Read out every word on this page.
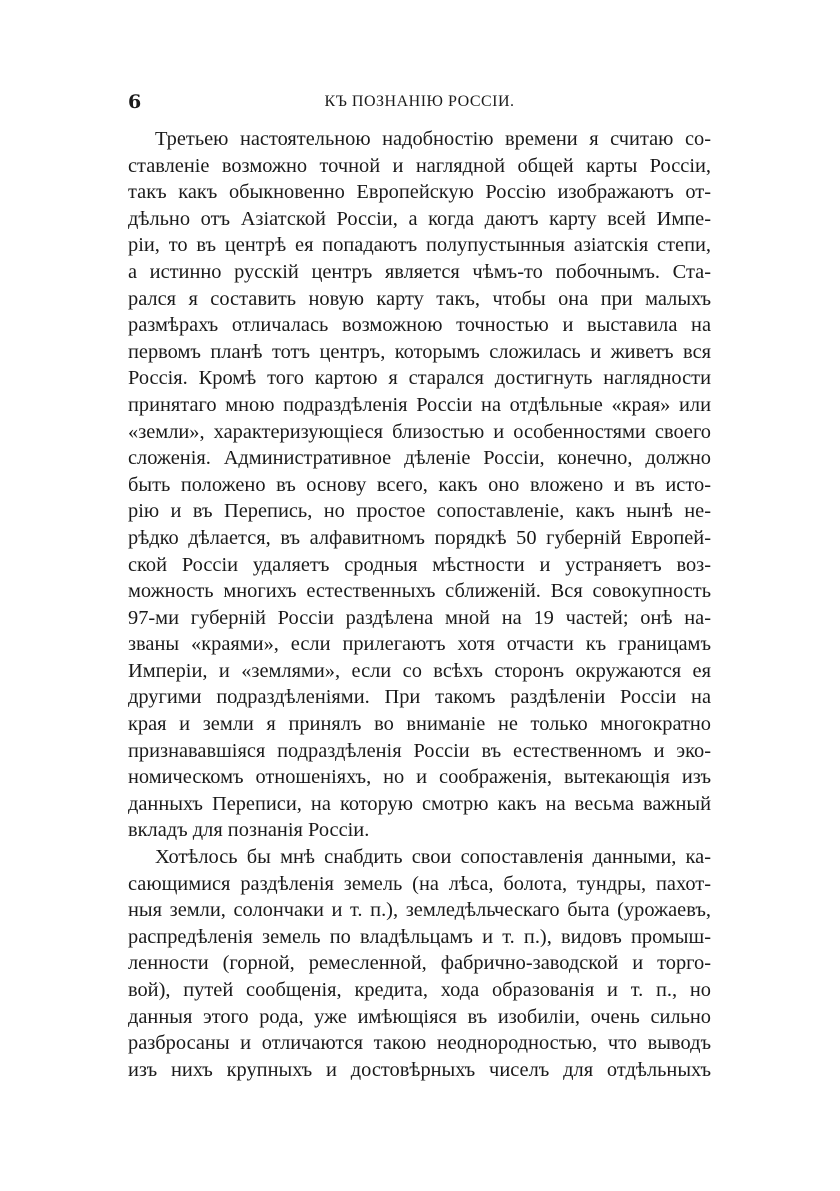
6	КЪ ПОЗНАНІЮ РОССІИ.
Третьею настоятельною надобностію времени я считаю со-
ставленіе возможно точной и наглядной общей карты Россіи,
такъ какъ обыкновенно Европейскую Россію изображаютъ от-
дѣльно отъ Азіатской Россіи, а когда даютъ карту всей Импе-
ріи, то въ центрѣ ея попадаютъ полупустынныя азіатскія степи,
а истинно русскій центръ является чѣмъ-то побочнымъ. Ста-
рался я составить новую карту такъ, чтобы она при малыхъ
размѣрахъ отличалась возможною точностью и выставила на
первомъ планѣ тотъ центръ, которымъ сложилась и живетъ вся
Россія. Кромѣ того картою я старался достигнуть наглядности
принятаго мною подраздѣленія Россіи на отдѣльные «края» или
«земли», характеризующіеся близостью и особенностями своего
сложенія. Административное дѣленіе Россіи, конечно, должно
быть положено въ основу всего, какъ оно вложено и въ исто-
рію и въ Перепись, но простое сопоставленіе, какъ нынѣ не-
рѣдко дѣлается, въ алфавитномъ порядкѣ 50 губерній Европей-
ской Россіи удаляетъ сродныя мѣстности и устраняетъ воз-
можность многихъ естественныхъ сближеній. Вся совокупность
97-ми губерній Россіи раздѣлена мной на 19 частей; онѣ на-
званы «краями», если прилегаютъ хотя отчасти къ границамъ
Имперіи, и «землями», если со всѣхъ сторонъ окружаются ея
другими подраздѣленіями. При такомъ раздѣленіи Россіи на
края и земли я принялъ во вниманіе не только многократно
признававшіяся подраздѣленія Россіи въ естественномъ и эко-
номическомъ отношеніяхъ, но и соображенія, вытекающія изъ
данныхъ Переписи, на которую смотрю какъ на весьма важный
вкладъ для познанія Россіи.
Хотѣлось бы мнѣ снабдить свои сопоставленія данными, ка-
сающимися раздѣленія земель (на лѣса, болота, тундры, пахот-
ныя земли, солончаки и т. п.), земледѣльческаго быта (урожаевъ,
распредѣленія земель по владѣльцамъ и т. п.), видовъ промыш-
ленности (горной, ремесленной, фабрично-заводской и торго-
вой), путей сообщенія, кредита, хода образованія и т. п., но
данныя этого рода, уже имѣющіяся въ изобиліи, очень сильно
разбросаны и отличаются такою неоднородностью, что выводъ
изъ нихъ крупныхъ и достовѣрныхъ чиселъ для отдѣльныхъ
